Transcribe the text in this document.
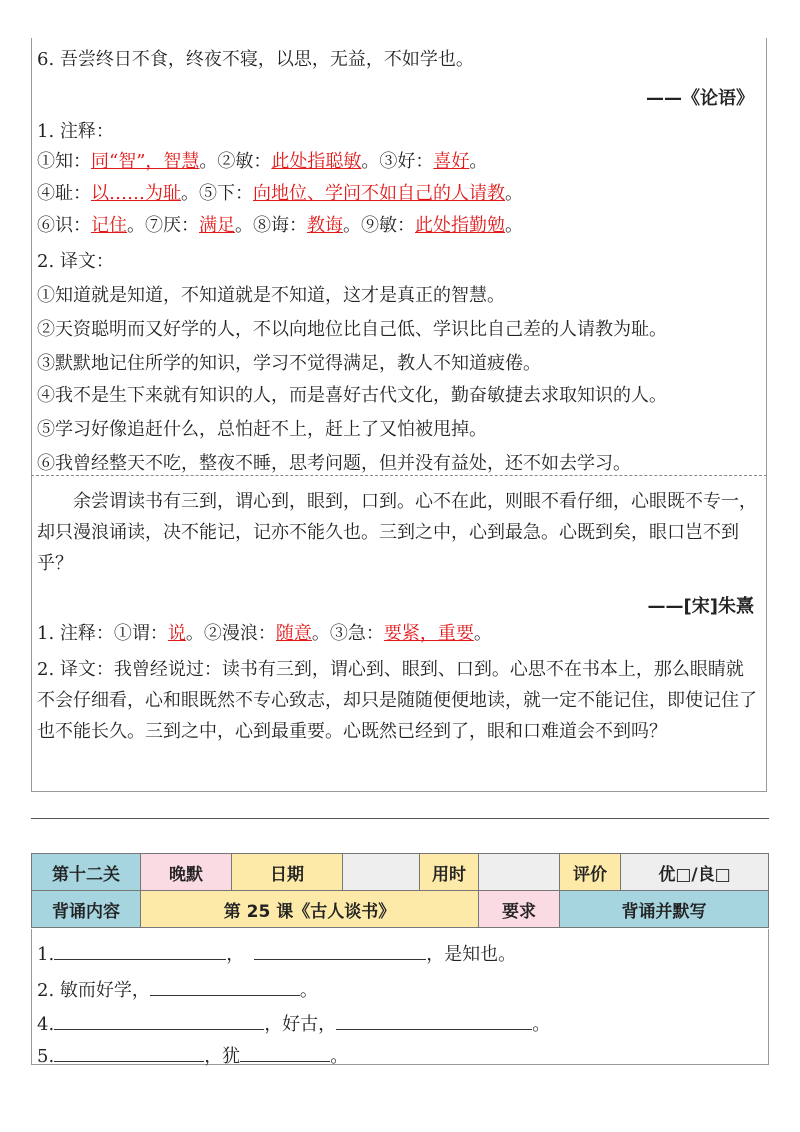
6. 吾尝终日不食，终夜不寝，以思，无益，不如学也。
——《论语》
1. 注释：
①知：同“智”，智慧。②敏：此处指聪敏。③好：喜好。
④耻：以……为耻。⑤下：向地位、学问不如自己的人请教。
⑥识：记住。⑦厌：满足。⑧诲：教诲。⑨敏：此处指勤勉。
2. 译文：
①知道就是知道，不知道就是不知道，这才是真正的智慧。
②天资聪明而又好学的人，不以向地位比自己低、学识比自己差的人请教为耻。
③默默地记住所学的知识，学习不觉得满足，教人不知道疲倦。
④我不是生下来就有知识的人，而是喜好古代文化，勤奋敏捷去求取知识的人。
⑤学习好像追赶什么，总怕赶不上，赶上了又怕被甩掉。
⑥我曾经整天不吃，整夜不睡，思考问题，但并没有益处，还不如去学习。
余尝谓读书有三到，谓心到，眼到，口到。心不在此，则眼不看仔细，心眼既不专一，却只漫浪诵读，决不能记，记亦不能久也。三到之中，心到最急。心既到矣，眼口岂不到乎？
——[宋]朱熹
1. 注释：①谓：说。②漫浪：随意。③急：要紧，重要。
2. 译文：我曾经说过：读书有三到，谓心到、眼到、口到。心思不在书本上，那么眼睛就不会仔细看，心和眼既然不专心致志，却只是随随便便地读，就一定不能记住，即使记住了也不能长久。三到之中，心到最重要。心既然已经到了，眼和口难道会不到吗？
第十二关	晚默	日期		用时		评价	优□/良□
背诵内容	第 25 课《古人谈书》				要求	背诵并默写	
1.	，	，是知也。
2. 敏而好学，	。
4.	，好古，	。
5.	，犹	。
